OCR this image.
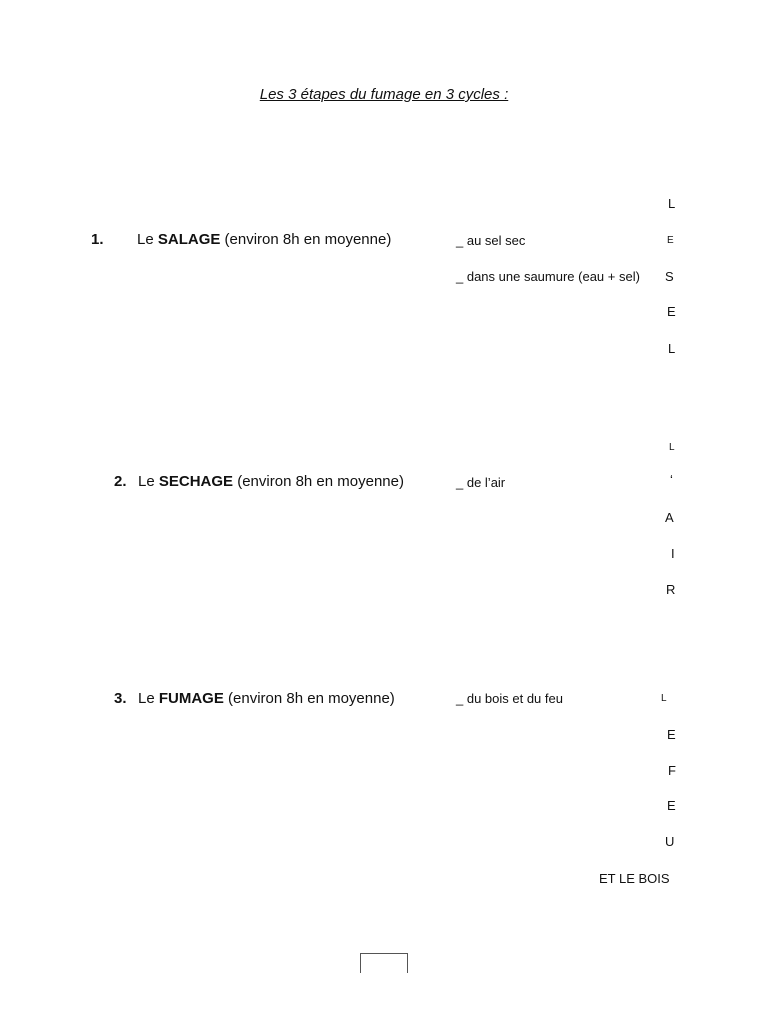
Les 3 étapes du fumage en 3 cycles :
1. Le SALAGE (environ 8h en moyenne)	_ au sel sec
_ dans une saumure (eau + sel)
L
E
S
E
L
2. Le SECHAGE (environ 8h en moyenne)	_ de l’air
L
‘
A
I
R
3. Le FUMAGE (environ 8h en moyenne)	_ du bois et du feu	L
E
F
E
U
ET LE BOIS
